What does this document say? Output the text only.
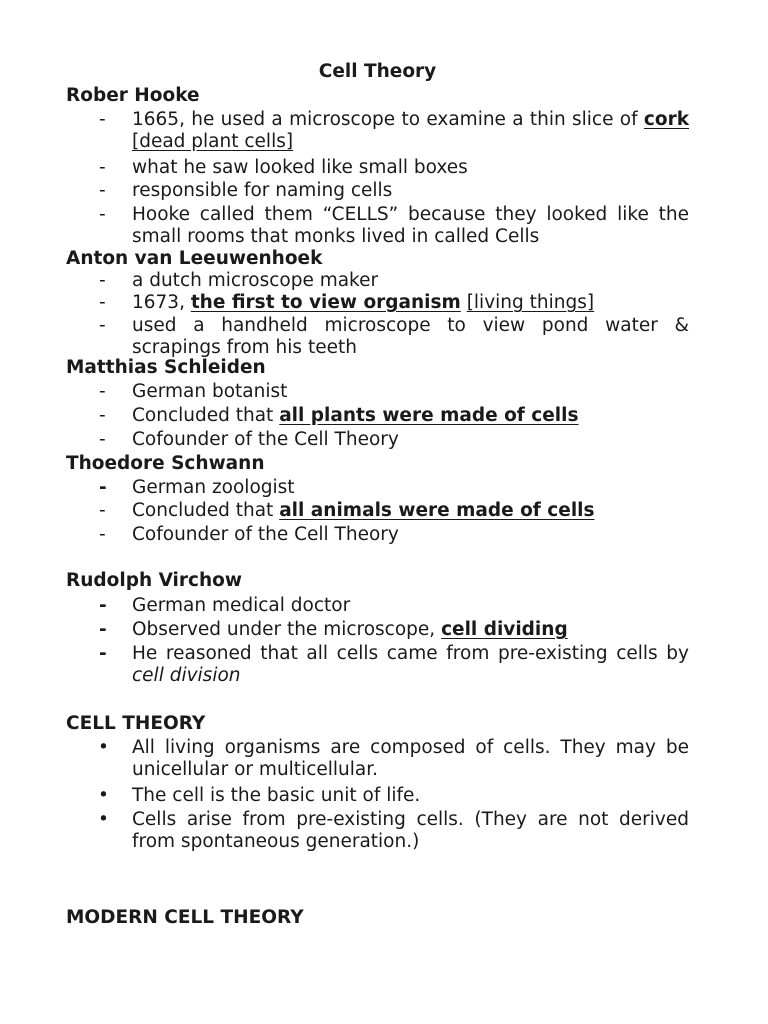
Cell Theory
Rober Hooke
- 1665, he used a microscope to examine a thin slice of cork [dead plant cells]
- what he saw looked like small boxes
- responsible for naming cells
- Hooke called them “CELLS” because they looked like the small rooms that monks lived in called Cells
Anton van Leeuwenhoek
- a dutch microscope maker
- 1673, the first to view organism [living things]
- used a handheld microscope to view pond water & scrapings from his teeth
Matthias Schleiden
- German botanist
- Concluded that all plants were made of cells
- Cofounder of the Cell Theory
Thoedore Schwann
- German zoologist
- Concluded that all animals were made of cells
- Cofounder of the Cell Theory
Rudolph Virchow
- German medical doctor
- Observed under the microscope, cell dividing
- He reasoned that all cells came from pre-existing cells by cell division
CELL THEORY
• All living organisms are composed of cells. They may be unicellular or multicellular.
• The cell is the basic unit of life.
• Cells arise from pre-existing cells. (They are not derived from spontaneous generation.)
MODERN CELL THEORY
